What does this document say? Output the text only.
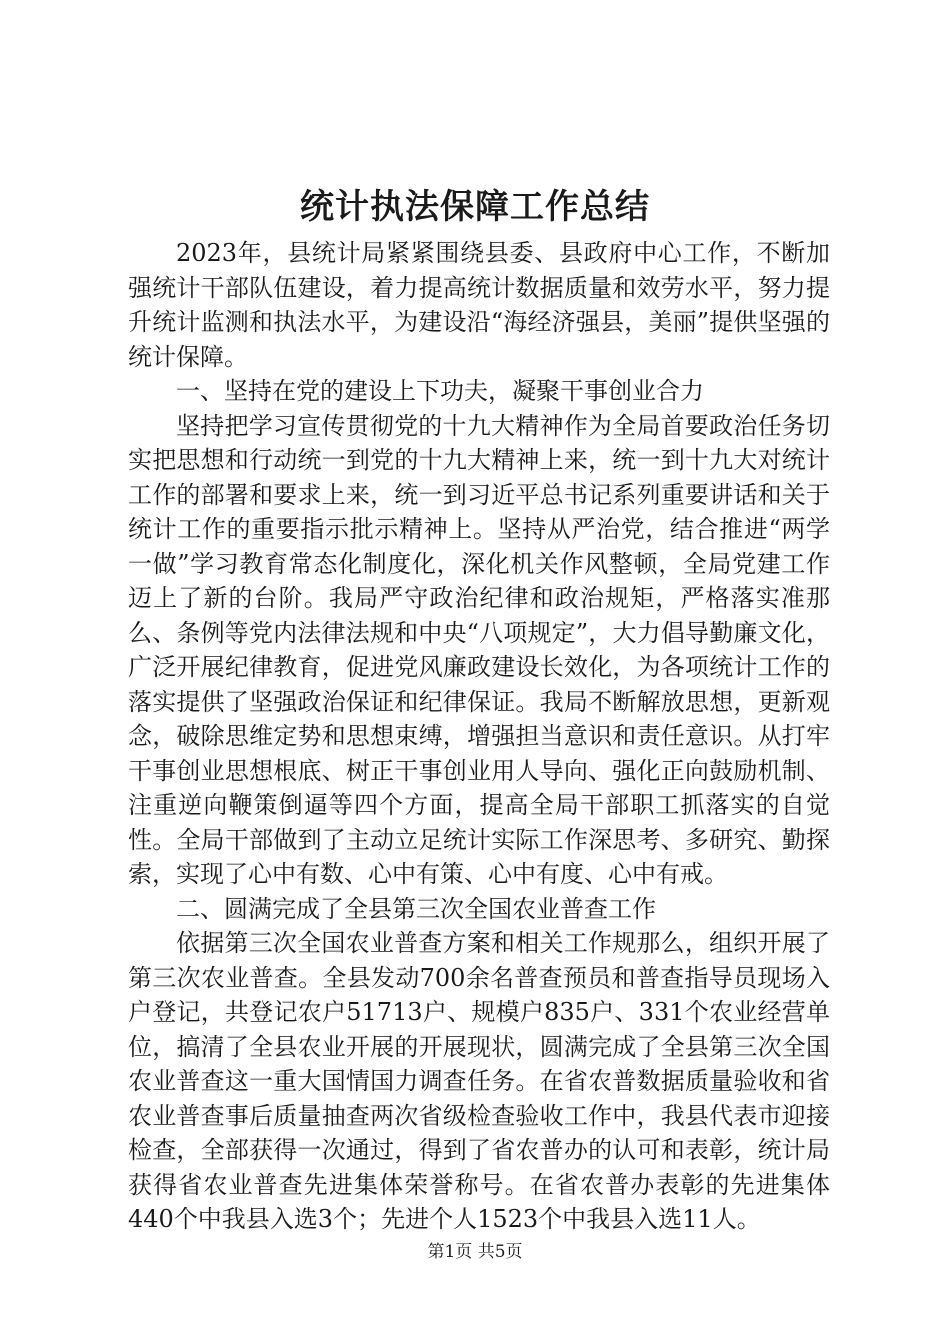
统计执法保障工作总结

2023年，县统计局紧紧围绕县委、县政府中心工作，不断加强统计干部队伍建设，着力提高统计数据质量和效劳水平，努力提升统计监测和执法水平，为建设沿“海经济强县，美丽”提供坚强的统计保障。

一、坚持在党的建设上下功夫，凝聚干事创业合力

坚持把学习宣传贯彻党的十九大精神作为全局首要政治任务切实把思想和行动统一到党的十九大精神上来，统一到十九大对统计工作的部署和要求上来，统一到习近平总书记系列重要讲话和关于统计工作的重要指示批示精神上。坚持从严治党，结合推进“两学一做”学习教育常态化制度化，深化机关作风整顿，全局党建工作迈上了新的台阶。我局严守政治纪律和政治规矩，严格落实准那么、条例等党内法律法规和中央“八项规定”，大力倡导勤廉文化，广泛开展纪律教育，促进党风廉政建设长效化，为各项统计工作的落实提供了坚强政治保证和纪律保证。我局不断解放思想，更新观念，破除思维定势和思想束缚，增强担当意识和责任意识。从打牢干事创业思想根底、树正干事创业用人导向、强化正向鼓励机制、注重逆向鞭策倒逼等四个方面，提高全局干部职工抓落实的自觉性。全局干部做到了主动立足统计实际工作深思考、多研究、勤探索，实现了心中有数、心中有策、心中有度、心中有戒。

二、圆满完成了全县第三次全国农业普查工作

依据第三次全国农业普查方案和相关工作规那么，组织开展了第三次农业普查。全县发动700余名普查预员和普查指导员现场入户登记，共登记农户51713户、规模户835户、331个农业经营单位，搞清了全县农业开展的开展现状，圆满完成了全县第三次全国农业普查这一重大国情国力调查任务。在省农普数据质量验收和省农业普查事后质量抽查两次省级检查验收工作中，我县代表市迎接检查，全部获得一次通过，得到了省农普办的认可和表彰，统计局获得省农业普查先进集体荣誉称号。在省农普办表彰的先进集体440个中我县入选3个；先进个人1523个中我县入选11人。

第1页 共5页
